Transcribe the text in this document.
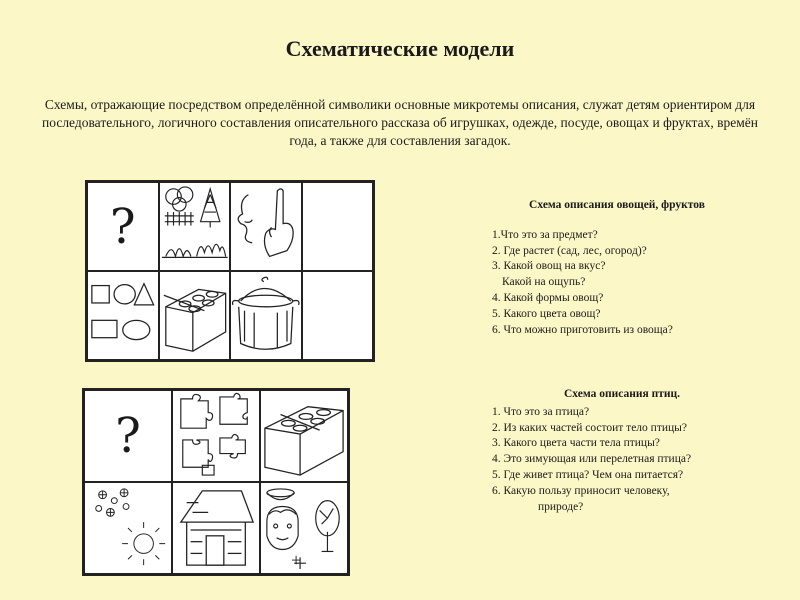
Схематические модели
Схемы, отражающие посредством определённой символики основные микротемы описания, служат детям ориентиром для последовательного, логичного составления описательного рассказа об игрушках, одежде, посуде, овощах и фруктах, времён года, а также для составления загадок.
?
?
+
Схема описания овощей, фруктов
1.Что это за предмет?
2. Где растет (сад, лес, огород)?
3. Какой овощ на вкус?
Какой на ощупь?
4. Какой формы овощ?
5. Какого цвета овощ?
6. Что можно приготовить из овоща?
Схема описания птиц.
1. Что это за птица?
2. Из каких частей состоит тело птицы?
3. Какого цвета части тела птицы?
4. Это зимующая или перелетная птица?
5. Где живет птица? Чем она питается?
6. Какую пользу приносит человеку,
природе?
